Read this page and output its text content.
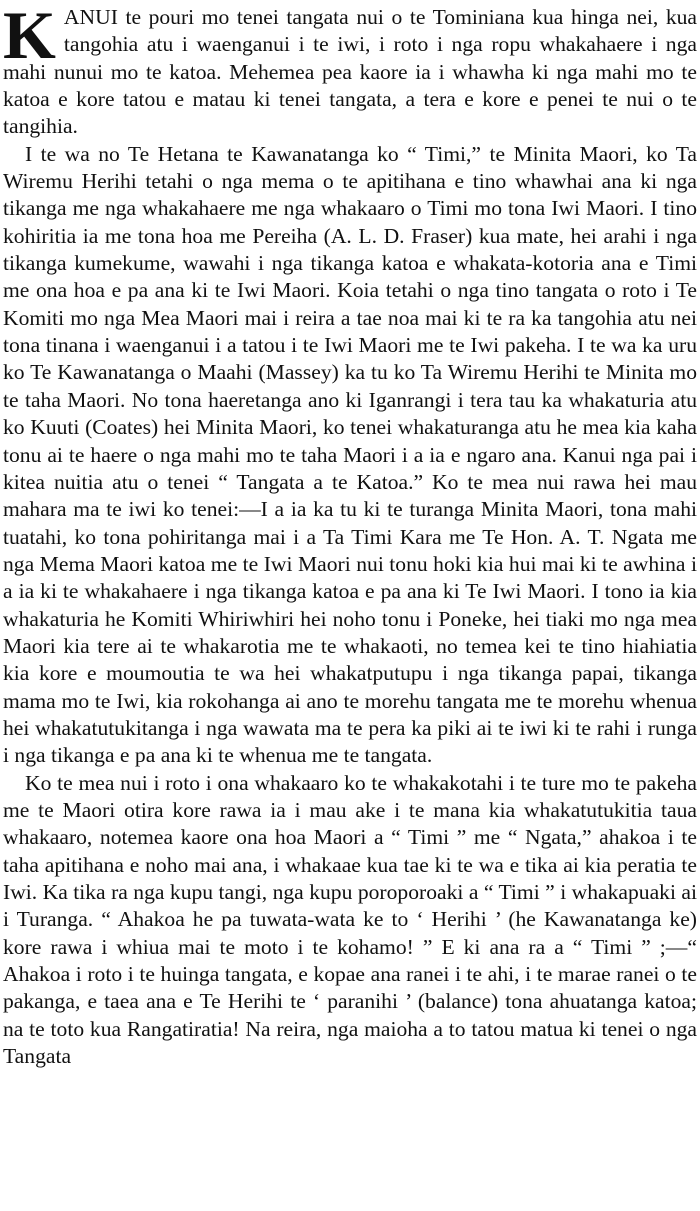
KANUI te pouri mo tenei tangata nui o te Tominiana kua hinga nei, kua tangohia atu i waenganui i te iwi, i roto i nga ropu whakahaere i nga mahi nunui mo te katoa. Mehemea pea kaore ia i whawha ki nga mahi mo te katoa e kore tatou e matau ki tenei tangata, a tera e kore e penei te nui o te tangihia.

I te wa no Te Hetana te Kawanatanga ko “ Timi,” te Minita Maori, ko Ta Wiremu Herihi tetahi o nga mema o te apitihana e tino whawhai ana ki nga tikanga me nga whakahaere me nga whakaaro o Timi mo tona Iwi Maori. I tino kohiritia ia me tona hoa me Pereiha (A. L. D. Fraser) kua mate, hei arahi i nga tikanga kumekume, wawahi i nga tikanga katoa e whakata-kotoria ana e Timi me ona hoa e pa ana ki te Iwi Maori. Koia tetahi o nga tino tangata o roto i Te Komiti mo nga Mea Maori mai i reira a tae noa mai ki te ra ka tangohia atu nei tona tinana i waenganui i a tatou i te Iwi Maori me te Iwi pakeha. I te wa ka uru ko Te Kawanatanga o Maahi (Massey) ka tu ko Ta Wiremu Herihi te Minita mo te taha Maori. No tona haeretanga ano ki Iganrangi i tera tau ka whakaturia atu ko Kuuti (Coates) hei Minita Maori, ko tenei whakaturanga atu he mea kia kaha tonu ai te haere o nga mahi mo te taha Maori i a ia e ngaro ana. Kanui nga pai i kitea nuitia atu o tenei “ Tangata a te Katoa.” Ko te mea nui rawa hei mau mahara ma te iwi ko tenei:—I a ia ka tu ki te turanga Minita Maori, tona mahi tuatahi, ko tona pohiritanga mai i a Ta Timi Kara me Te Hon. A. T. Ngata me nga Mema Maori katoa me te Iwi Maori nui tonu hoki kia hui mai ki te awhina i a ia ki te whakahaere i nga tikanga katoa e pa ana ki Te Iwi Maori. I tono ia kia whakaturia he Komiti Whiriwhiri hei noho tonu i Poneke, hei tiaki mo nga mea Maori kia tere ai te whakarotia me te whakaoti, no temea kei te tino hiahiatia kia kore e moumoutia te wa hei whakatputupu i nga tikanga papai, tikanga mama mo te Iwi, kia rokohanga ai ano te morehu tangata me te morehu whenua hei whakatutukitanga i nga wawata ma te pera ka piki ai te iwi ki te rahi i runga i nga tikanga e pa ana ki te whenua me te tangata.

Ko te mea nui i roto i ona whakaaro ko te whakakotahi i te ture mo te pakeha me te Maori otira kore rawa ia i mau ake i te mana kia whakatutukitia taua whakaaro, notemea kaore ona hoa Maori a “ Timi ” me “ Ngata,” ahakoa i te taha apitihana e noho mai ana, i whakaae kua tae ki te wa e tika ai kia peratia te Iwi. Ka tika ra nga kupu tangi, nga kupu poroporoaki a “ Timi ” i whakapuaki ai i Turanga. “ Ahakoa he pa tuwata-wata ke to ‘ Herihi ’ (he Kawanatanga ke) kore rawa i whiua mai te moto i te kohamo! ” E ki ana ra a “ Timi ” ;—“ Ahakoa i roto i te huinga tangata, e kopae ana ranei i te ahi, i te marae ranei o te pakanga, e taea ana e Te Herihi te ‘ paranihi ’ (balance) tona ahuatanga katoa; na te toto kua Rangatiratia! Na reira, nga maioha a to tatou matua ki tenei o nga Tangata
